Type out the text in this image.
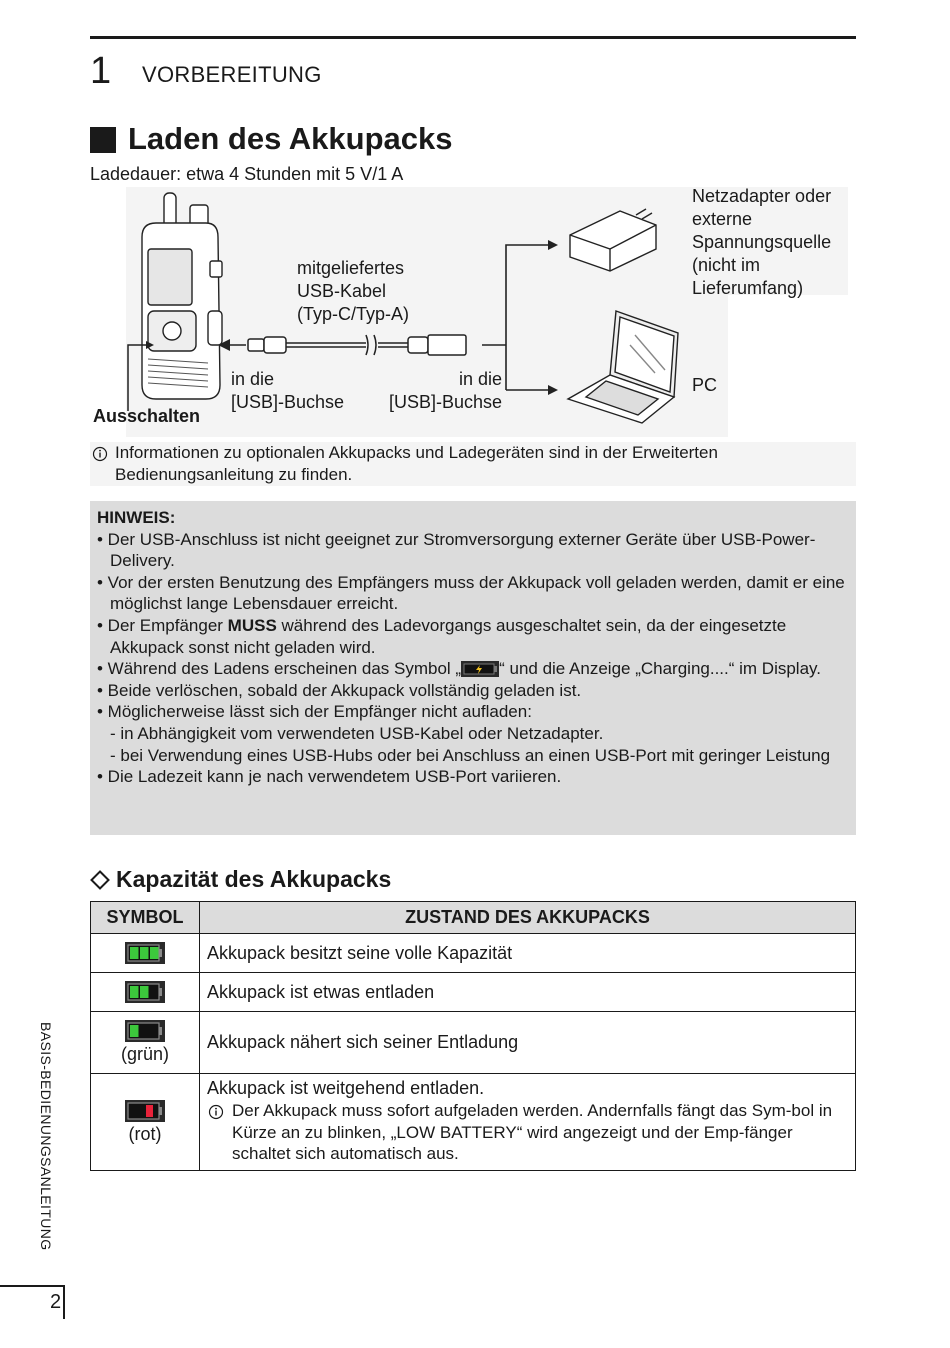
1 VORBEREITUNG
Laden des Akkupacks
Ladedauer: etwa 4 Stunden mit 5 V/1 A
Netzadapter oder
externe
Spannungsquelle
(nicht im
Lieferumfang)
mitgeliefertes
USB-Kabel
(Typ-C/Typ-A)
PC
in die
[USB]-Buchse
in die
[USB]-Buchse
Ausschalten
Informationen zu optionalen Akkupacks und Ladegeräten sind in der Erweiterten Bedienungsanleitung zu finden.
HINWEIS:
• Der USB-Anschluss ist nicht geeignet zur Stromversorgung externer Geräte über USB-Power-Delivery.
• Vor der ersten Benutzung des Empfängers muss der Akkupack voll geladen werden, damit er eine möglichst lange Lebensdauer erreicht.
• Der Empfänger MUSS während des Ladevorgangs ausgeschaltet sein, da der eingesetzte Akkupack sonst nicht geladen wird.
• Während des Ladens erscheinen das Symbol „ “ und die Anzeige „Charging....“ im Display.
• Beide verlöschen, sobald der Akkupack vollständig geladen ist.
• Möglicherweise lässt sich der Empfänger nicht aufladen:
- in Abhängigkeit vom verwendeten USB-Kabel oder Netzadapter.
- bei Verwendung eines USB-Hubs oder bei Anschluss an einen USB-Port mit geringer Leistung
• Die Ladezeit kann je nach verwendetem USB-Port variieren.
Kapazität des Akkupacks
SYMBOL	ZUSTAND DES AKKUPACKS
	Akkupack besitzt seine volle Kapazität
	Akkupack ist etwas entladen

(grün)	Akkupack nähert sich seiner Entladung

(rot)	Akkupack ist weitgehend entladen.
Der Akkupack muss sofort aufgeladen werden. Andernfalls fängt das Sym-bol in Kürze an zu blinken, „LOW BATTERY“ wird angezeigt und der Emp-fänger schaltet sich automatisch aus.
BASIS-BEDIENUNGSANLEITUNG
2
